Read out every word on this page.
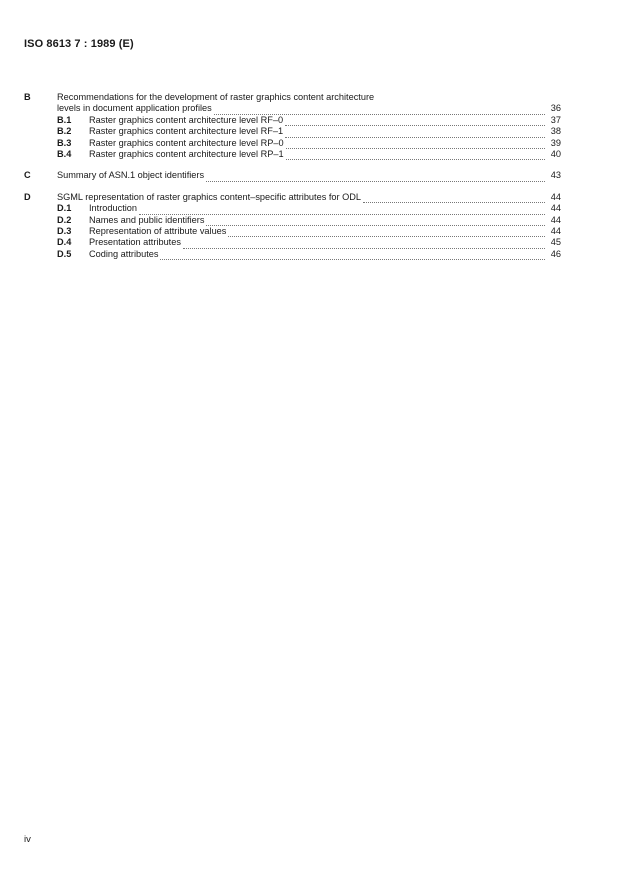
ISO 8613 7 : 1989 (E)
B	Recommendations for the development of raster graphics content architecture
levels in document application profiles	36
B.1	Raster graphics content architecture level RF–0	37
B.2	Raster graphics content architecture level RF–1	38
B.3	Raster graphics content architecture level RP–0	39
B.4	Raster graphics content architecture level RP–1	40
C	Summary of ASN.1 object identifiers	43
D	SGML representation of raster graphics content–specific attributes for ODL	44
D.1	Introduction	44
D.2	Names and public identifiers	44
D.3	Representation of attribute values	44
D.4	Presentation attributes	45
D.5	Coding attributes	46
iv
